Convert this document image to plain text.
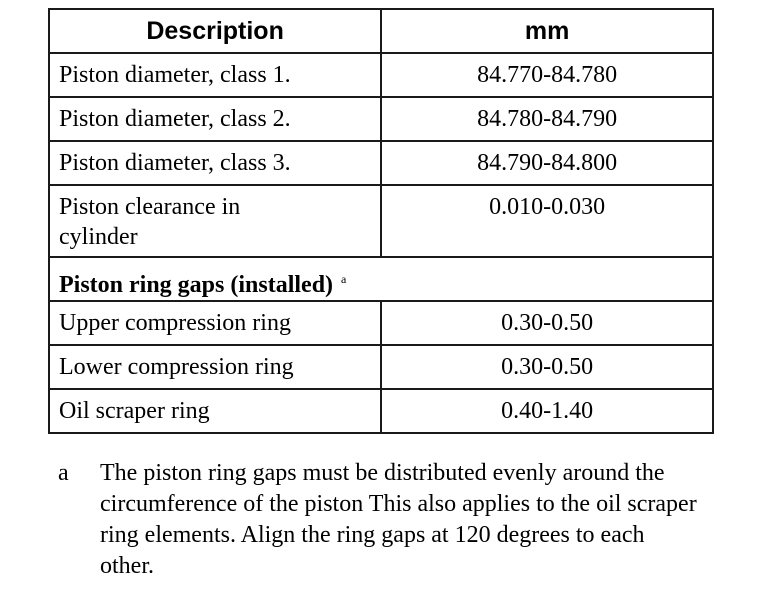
Description	mm

Piston diameter, class 1.	84.770-84.780

Piston diameter, class 2.	84.780-84.790

Piston diameter, class 3.	84.790-84.800

Piston clearance in cylinder	0.010-0.030

Piston ring gaps (installed) $^a$

Upper compression ring	0.30-0.50

Lower compression ring	0.30-0.50

Oil scraper ring	0.40-1.40
a The piston ring gaps must be distributed evenly around the circumference of the piston This also applies to the oil scraper ring elements. Align the ring gaps at 120 degrees to each other.
